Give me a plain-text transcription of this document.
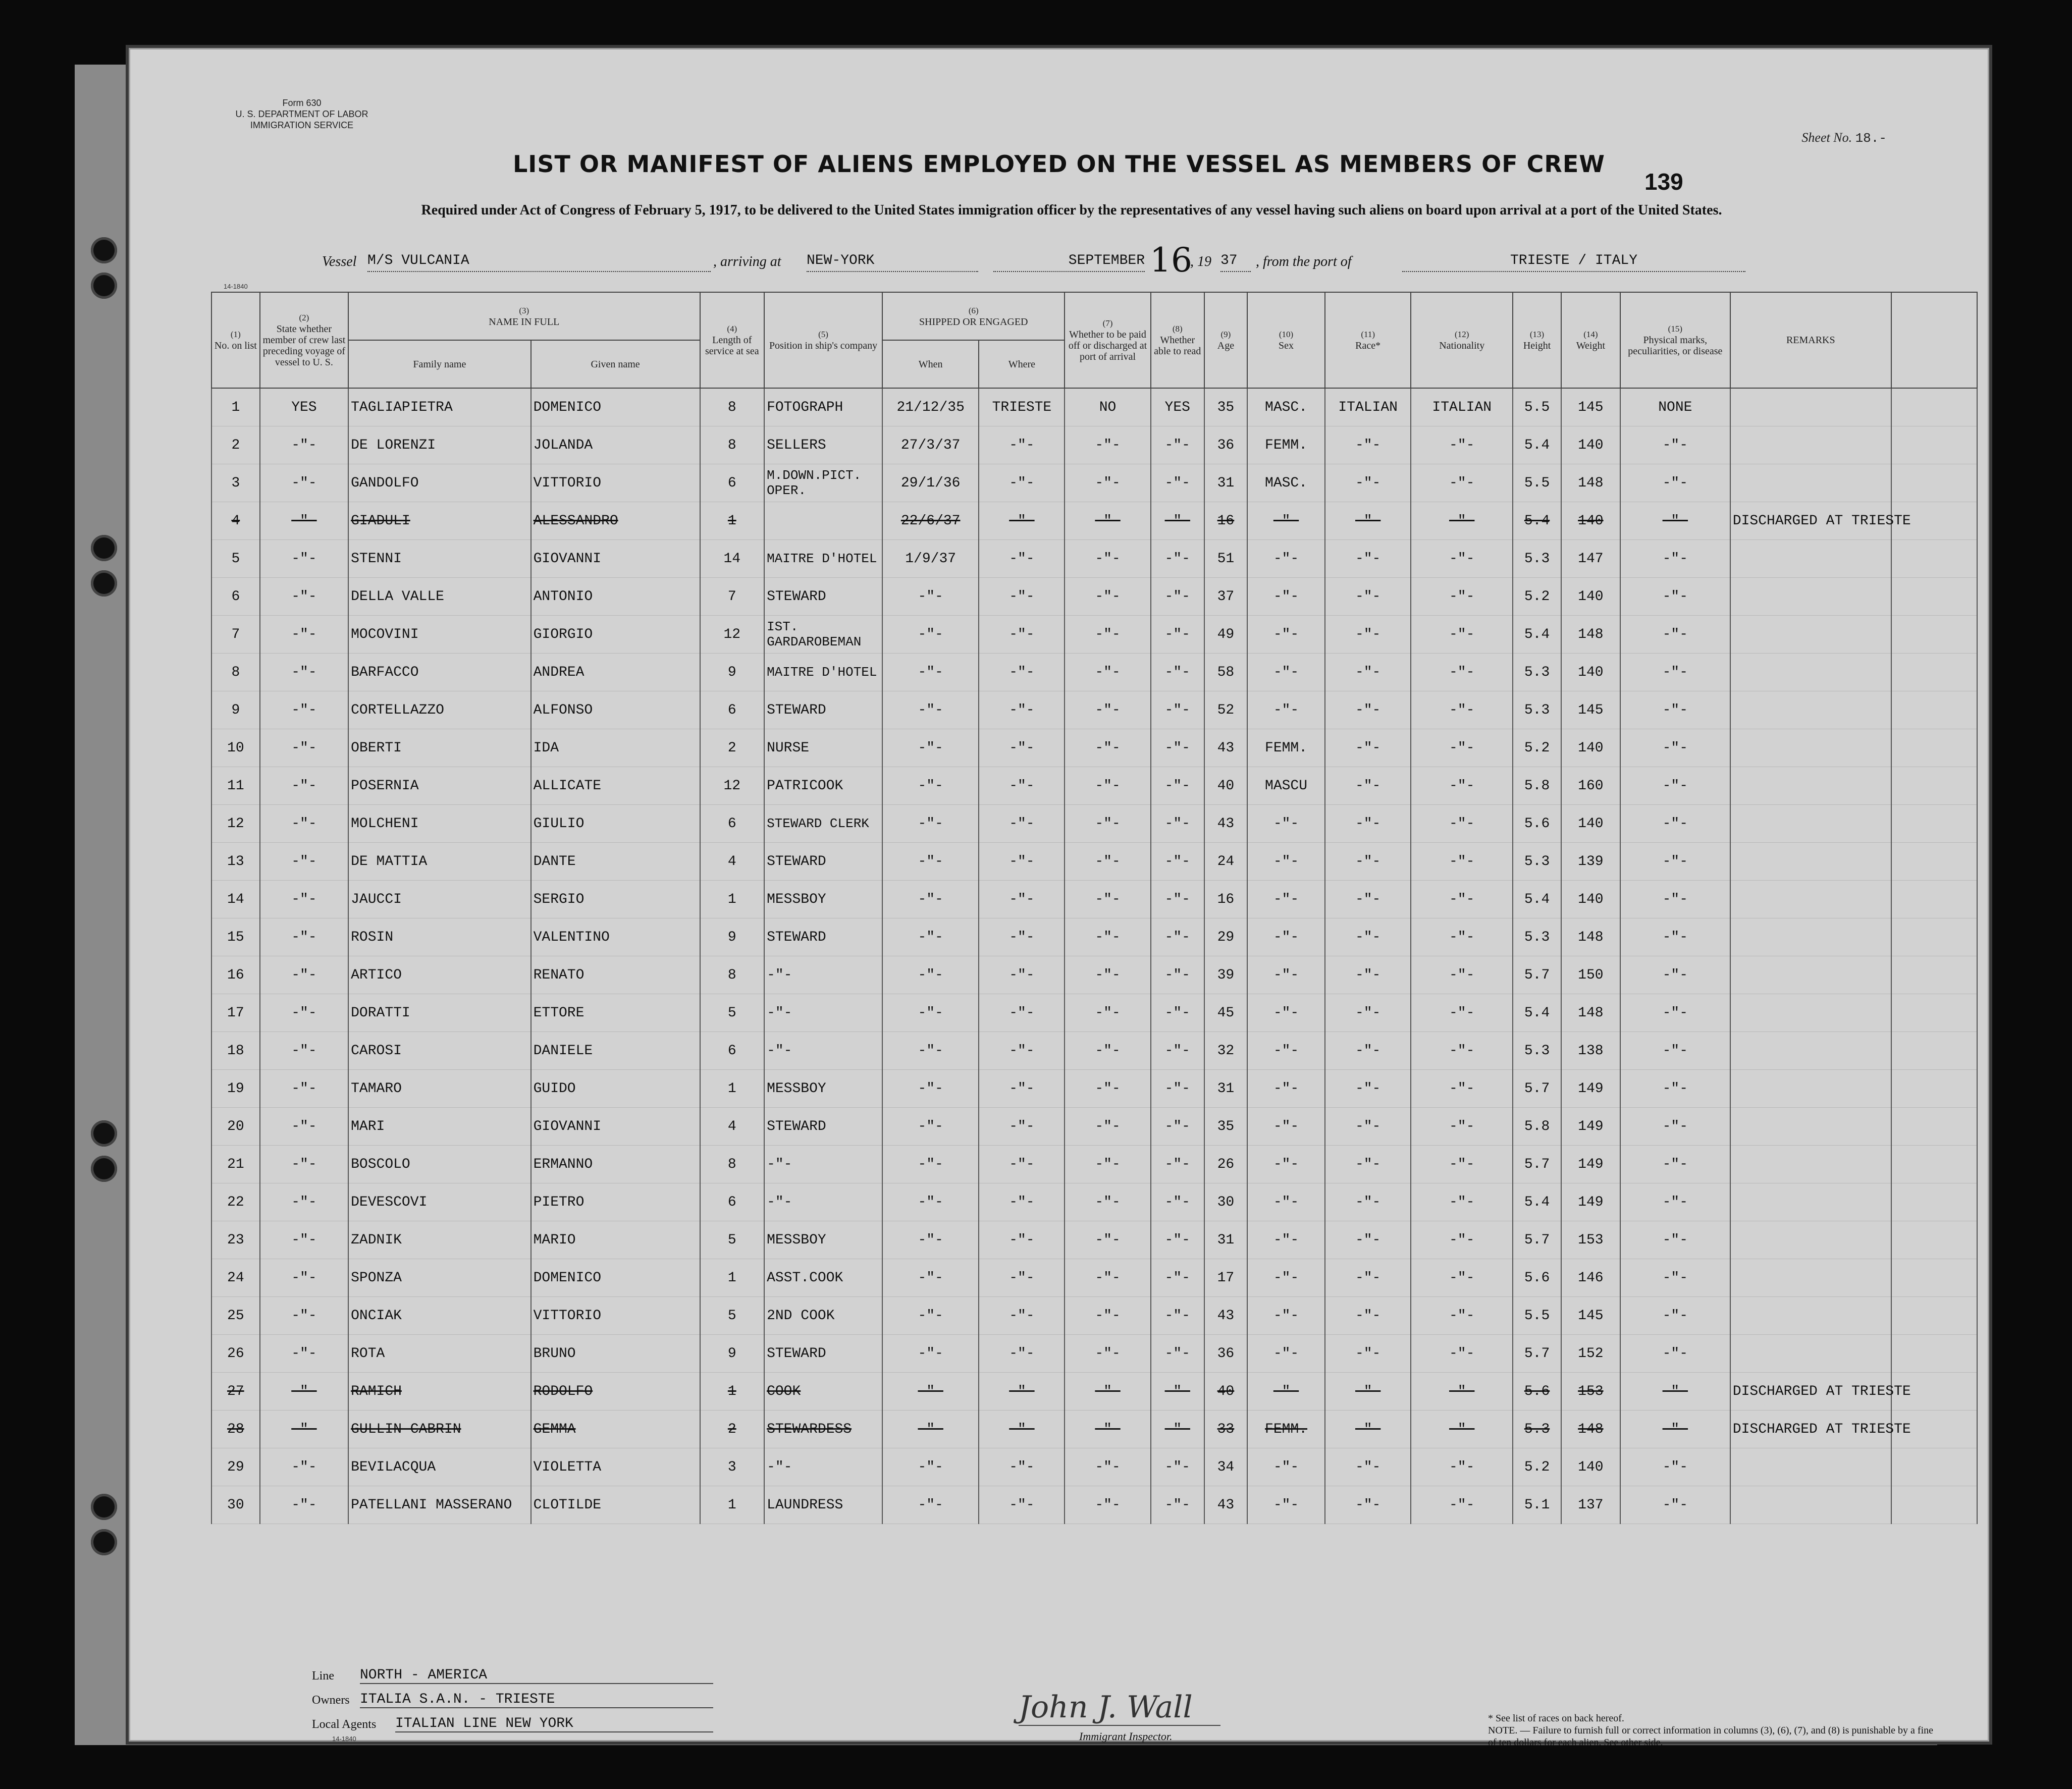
Form 630
U. S. DEPARTMENT OF LABOR
IMMIGRATION SERVICE
Sheet No. 18.-
LIST OR MANIFEST OF ALIENS EMPLOYED ON THE VESSEL AS MEMBERS OF CREW
139
Required under Act of Congress of February 5, 1917, to be delivered to the United States immigration officer by the representatives of any vessel having such aliens on board upon arrival at a port of the United States.
Vessel M/S VULCANIA	, arriving at NEW-YORK	SEPTEMBER 16
, 19 37	, from the port of	TRIESTE / ITALY
14-1840
(1)
No. on list	(2)
State whether member of crew last preceding voyage of vessel to U. S.	(3)
NAME IN FULL		(4)
Length of service at sea	(5)
Position in ship's company	(6)
SHIPPED OR ENGAGED		(7)
Whether to be paid off or discharged at port of arrival	(8)
Whether able to read	(9)
Age	(10)
Sex	(11)
Race*	(12)
Nationality	(13)
Height	(14)
Weight	(15)
Physical marks, peculiarities, or disease	REMARKS	
		Family name	Given name			When	Where											
1	YES	TAGLIAPIETRA	DOMENICO	8	FOTOGRAPH	21/12/35	TRIESTE	NO	YES	35	MASC.	ITALIAN	ITALIAN	5.5	145	NONE		
2	-"-	DE LORENZI	JOLANDA	8	SELLERS	27/3/37	-"-	-"-	-"-	36	FEMM.	-"-	-"-	5.4	140	-"-		
3	-"-	GANDOLFO	VITTORIO	6	M.DOWN.PICT. OPER.	29/1/36	-"-	-"-	-"-	31	MASC.	-"-	-"-	5.5	148	-"-		
4	-"-	GIADULI	ALESSANDRO	1		22/6/37	-"-	-"-	-"-	16	-"-	-"-	-"-	5.4	140	-"-	DISCHARGED AT TRIESTE	
5	-"-	STENNI	GIOVANNI	14	MAITRE D'HOTEL	1/9/37	-"-	-"-	-"-	51	-"-	-"-	-"-	5.3	147	-"-		
6	-"-	DELLA VALLE	ANTONIO	7	STEWARD	-"-	-"-	-"-	-"-	37	-"-	-"-	-"-	5.2	140	-"-		
7	-"-	MOCOVINI	GIORGIO	12	IST. GARDAROBEMAN	-"-	-"-	-"-	-"-	49	-"-	-"-	-"-	5.4	148	-"-		
8	-"-	BARFACCO	ANDREA	9	MAITRE D'HOTEL	-"-	-"-	-"-	-"-	58	-"-	-"-	-"-	5.3	140	-"-		
9	-"-	CORTELLAZZO	ALFONSO	6	STEWARD	-"-	-"-	-"-	-"-	52	-"-	-"-	-"-	5.3	145	-"-		
10	-"-	OBERTI	IDA	2	NURSE	-"-	-"-	-"-	-"-	43	FEMM.	-"-	-"-	5.2	140	-"-		
11	-"-	POSERNIA	ALLICATE	12	PATRICOOK	-"-	-"-	-"-	-"-	40	MASCU	-"-	-"-	5.8	160	-"-		
12	-"-	MOLCHENI	GIULIO	6	STEWARD CLERK	-"-	-"-	-"-	-"-	43	-"-	-"-	-"-	5.6	140	-"-		
13	-"-	DE MATTIA	DANTE	4	STEWARD	-"-	-"-	-"-	-"-	24	-"-	-"-	-"-	5.3	139	-"-		
14	-"-	JAUCCI	SERGIO	1	MESSBOY	-"-	-"-	-"-	-"-	16	-"-	-"-	-"-	5.4	140	-"-		
15	-"-	ROSIN	VALENTINO	9	STEWARD	-"-	-"-	-"-	-"-	29	-"-	-"-	-"-	5.3	148	-"-		
16	-"-	ARTICO	RENATO	8	-"-	-"-	-"-	-"-	-"-	39	-"-	-"-	-"-	5.7	150	-"-		
17	-"-	DORATTI	ETTORE	5	-"-	-"-	-"-	-"-	-"-	45	-"-	-"-	-"-	5.4	148	-"-		
18	-"-	CAROSI	DANIELE	6	-"-	-"-	-"-	-"-	-"-	32	-"-	-"-	-"-	5.3	138	-"-		
19	-"-	TAMARO	GUIDO	1	MESSBOY	-"-	-"-	-"-	-"-	31	-"-	-"-	-"-	5.7	149	-"-		
20	-"-	MARI	GIOVANNI	4	STEWARD	-"-	-"-	-"-	-"-	35	-"-	-"-	-"-	5.8	149	-"-		
21	-"-	BOSCOLO	ERMANNO	8	-"-	-"-	-"-	-"-	-"-	26	-"-	-"-	-"-	5.7	149	-"-		
22	-"-	DEVESCOVI	PIETRO	6	-"-	-"-	-"-	-"-	-"-	30	-"-	-"-	-"-	5.4	149	-"-		
23	-"-	ZADNIK	MARIO	5	MESSBOY	-"-	-"-	-"-	-"-	31	-"-	-"-	-"-	5.7	153	-"-		
24	-"-	SPONZA	DOMENICO	1	ASST.COOK	-"-	-"-	-"-	-"-	17	-"-	-"-	-"-	5.6	146	-"-		
25	-"-	ONCIAK	VITTORIO	5	2ND COOK	-"-	-"-	-"-	-"-	43	-"-	-"-	-"-	5.5	145	-"-		
26	-"-	ROTA	BRUNO	9	STEWARD	-"-	-"-	-"-	-"-	36	-"-	-"-	-"-	5.7	152	-"-		
27	-"-	RAMICH	RODOLFO	1	COOK	-"-	-"-	-"-	-"-	40	-"-	-"-	-"-	5.6	153	-"-	DISCHARGED AT TRIESTE	
28	-"-	GULLIN CABRIN	GEMMA	2	STEWARDESS	-"-	-"-	-"-	-"-	33	FEMM.	-"-	-"-	5.3	148	-"-	DISCHARGED AT TRIESTE	
29	-"-	BEVILACQUA	VIOLETTA	3	-"-	-"-	-"-	-"-	-"-	34	-"-	-"-	-"-	5.2	140	-"-		
30	-"-	PATELLANI MASSERANO	CLOTILDE	1	LAUNDRESS	-"-	-"-	-"-	-"-	43	-"-	-"-	-"-	5.1	137	-"-		
Line NORTH - AMERICA
Owners ITALIA S.A.N. - TRIESTE
Local Agents ITALIAN LINE NEW YORK
14-1840
John J. Wall
Immigrant Inspector.
* See list of races on back hereof.
NOTE. — Failure to furnish full or correct information in columns (3), (6), (7), and (8) is punishable by a fine of ten dollars for each alien. See other side.
